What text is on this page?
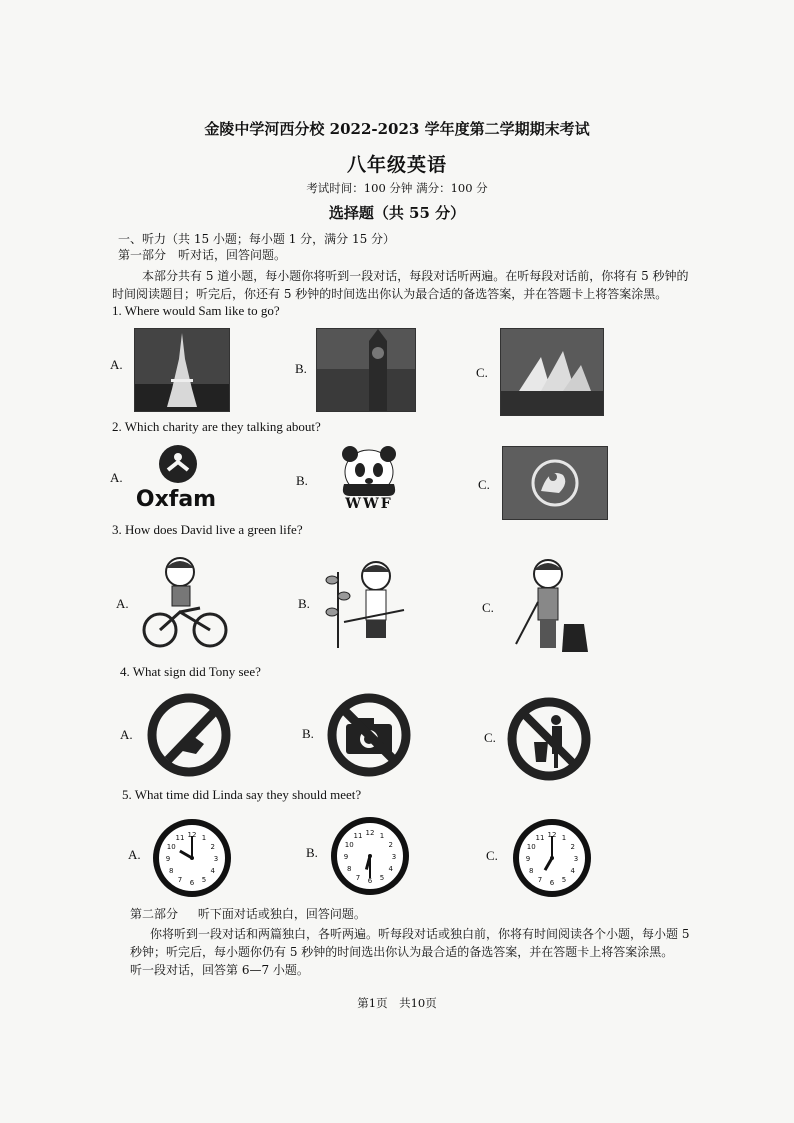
金陵中学河西分校 2022-2023 学年度第二学期期末考试
八年级英语
考试时间：100 分钟 满分：100 分
选择题（共 55 分）
一、听力（共 15 小题；每小题 1 分，满分 15 分）
第一部分　听对话，回答问题。
本部分共有 5 道小题，每小题你将听到一段对话，每段对话听两遍。在听每段对话前，你将有 5 秒钟的
时间阅读题目；听完后，你还有 5 秒钟的时间选出你认为最合适的备选答案，并在答题卡上将答案涂黑。
1. Where would Sam like to go?
A.	B.	C.
2. Which charity are they talking about?
A.
Oxfam
B.
WWF
C.
3. How does David live a green life?
A.	B.	C.
4. What sign did Tony see?
A.	B.	C.
5. What time did Linda say they should meet?
A.
1
2
3
4
5
6
7
8
9
10
11 12
B.
1
2
3
4
5
6
7
8
9
10
11 12
C.
1
2
3
4
5
6
7
8
9
10
11 12
第二部分 听下面对话或独白，回答问题。
你将听到一段对话和两篇独白，各听两遍。听每段对话或独白前，你将有时间阅读各个小题，每小题 5
秒钟；听完后，每小题你仍有 5 秒钟的时间选出你认为最合适的备选答案，并在答题卡上将答案涂黑。
听一段对话，回答第 6—7 小题。
第1页　共10页
